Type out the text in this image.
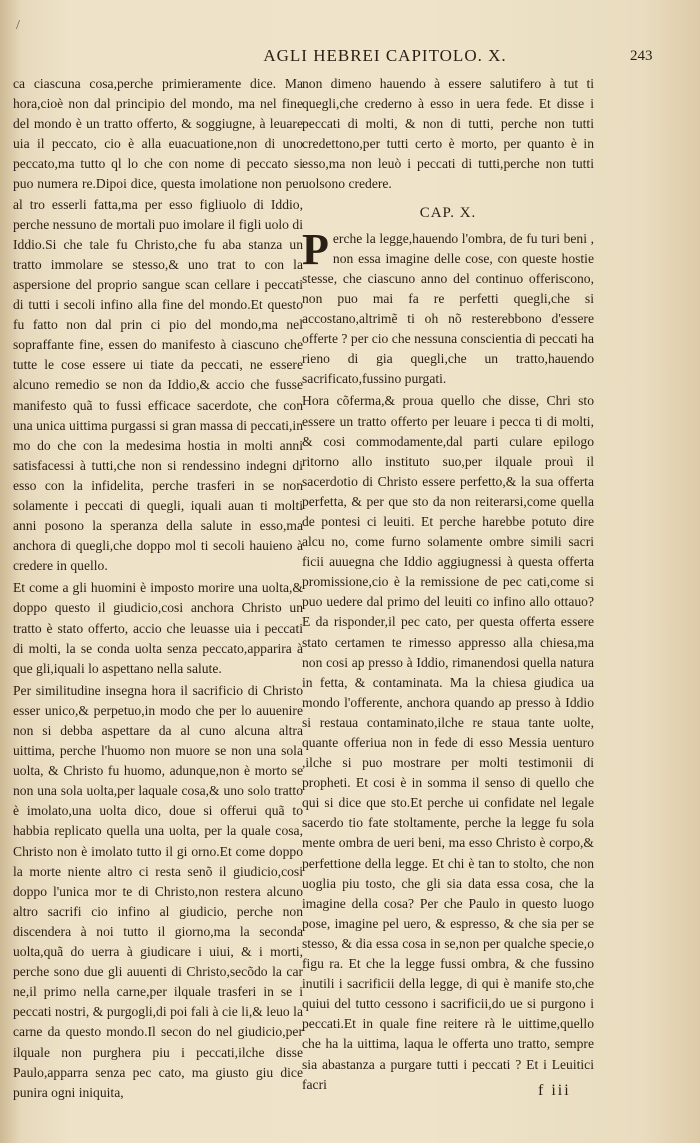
/
AGLI HEBREI CAPITOLO. X.	243

ca ciascuna cosa,perche primieramente dice. Ma hora,cioè non dal principio del mondo, ma nel fine del mondo è un tratto offerto, & soggiugne, à leuare uia il peccato, cio è alla euacuatione,non di uno peccato,ma tutto ql lo che con nome di peccato si puo numera re.Dipoi dice, questa imolatione non per al tro esserli fatta,ma per esso figliuolo di Iddio, perche nessuno de mortali puo imolare il figli uolo di Iddio.Si che tale fu Christo,che fu aba stanza un tratto immolare se stesso,& uno trat to con la aspersione del proprio sangue scan cellare i peccati di tutti i secoli infino alla fine del mondo.Et questo fu fatto non dal prin ci pio del mondo,ma nel sopraffante fine, essen do manifesto à ciascuno che tutte le cose essere ui tiate da peccati, ne essere alcuno remedio se non da Iddio,& accio che fusse manifesto quã to fussi efficace sacerdote, che con una unica uittima purgassi si gran massa di peccati,in mo do che con la medesima hostia in molti anni satisfacessi à tutti,che non si rendessino indegni di esso con la infidelita, perche trasferi in se non solamente i peccati di quegli, iquali auan ti molti anni posono la speranza della salute in esso,ma anchora di quegli,che doppo mol ti secoli hauieno à credere in quello.

Et come a gli huomini è imposto morire una uolta,& doppo questo il giudicio,cosi anchora Christo un tratto è stato offerto, accio che leuasse uia i peccati di molti, la se conda uolta senza peccato,apparira à que gli,iquali lo aspettano nella salute.

Per similitudine insegna hora il sacrificio di Christo esser unico,& perpetuo,in modo che per lo auuenire non si debba aspettare da al cuno alcuna altra uittima, perche l'huomo non muore se non una sola uolta, & Christo fu huomo, adunque,non è morto se non una sola uolta,per laquale cosa,& uno solo tratto è imolato,una uolta dico, doue si offerui quã to habbia replicato quella una uolta, per la quale cosa, Christo non è imolato tutto il gi orno.Et come doppo la morte niente altro ci resta senõ il giudicio,cosi doppo l'unica mor te di Christo,non restera alcuno altro sacrifi cio infino al giudicio, perche non discendera à noi tutto il giorno,ma la seconda uolta,quã do uerra à giudicare i uiui, & i morti, perche sono due gli auuenti di Christo,secõdo la car ne,il primo nella carne,per ilquale trasferi in se i peccati nostri, & purgogli,di poi fali à cie li,& leuo la carne da questo mondo.Il secon do nel giudicio,per ilquale non purghera piu i peccati,ilche disse Paulo,apparra senza pec cato, ma giusto giu dice punira ogni iniquita,

non dimeno hauendo à essere salutifero à tut ti quegli,che crederno à esso in uera fede. Et disse i peccati di molti, & non di tutti, perche non tutti credettono,per tutti certo è morto, per quanto è in esso,ma non leuò i peccati di tutti,perche non tutti uolsono credere.

CAP. X.

Perche la legge,hauendo l'ombra, de fu turi beni , non essa imagine delle cose, con queste hostie stesse, che ciascuno anno del continuo offeriscono, non puo mai fa re perfetti quegli,che si accostano,altrimẽ ti oh nõ resterebbono d'essere offerte ? per cio che nessuna conscientia di peccati ha rieno di gia quegli,che un tratto,hauendo sacrificato,fussino purgati.

Hora cõferma,& proua quello che disse, Chri sto essere un tratto offerto per leuare i pecca ti di molti, & cosi commodamente,dal parti culare epilogo ritorno allo instituto suo,per ilquale prouì il sacerdotio di Christo essere perfetto,& la sua offerta perfetta, & per que sto da non reiterarsi,come quella de pontesi ci leuiti. Et perche harebbe potuto dire alcu no, come furno solamente ombre simili sacri ficii auuegna che Iddio aggiugnessi à questa offerta promissione,cio è la remissione de pec cati,come si puo uedere dal primo del leuiti co infino allo ottauo?E da risponder,il pec cato, per questa offerta essere stato certamen te rimesso appresso alla chiesa,ma non cosi ap presso à Iddio, rimanendosi quella natura in fetta, & contaminata. Ma la chiesa giudica ua mondo l'offerente, anchora quando ap presso à Iddio si restaua contaminato,ilche re staua tante uolte, quante offeriua non in fede di esso Messia uenturo ,ilche si puo mostrare per molti testimonii di propheti. Et cosi è in somma il senso di quello che qui si dice que sto.Et perche ui confidate nel legale sacerdo tio fate stoltamente, perche la legge fu sola mente ombra de ueri beni, ma esso Christo è corpo,& perfettione della legge. Et chi è tan to stolto, che non uoglia piu tosto, che gli sia data essa cosa, che la imagine della cosa? Per che Paulo in questo luogo pose, imagine pel uero, & espresso, & che sia per se stesso, & dia essa cosa in se,non per qualche specie,o figu ra. Et che la legge fussi ombra, & che fussino inutili i sacrificii della legge, di qui è manife sto,che quiui del tutto cessono i sacrificii,do ue si purgono i peccati.Et in quale fine reitere rà le uittime,quello che ha la uittima, laqua le offerta uno tratto, sempre sia abastanza a purgare tutti i peccati ? Et i Leuitici facri	f iii
